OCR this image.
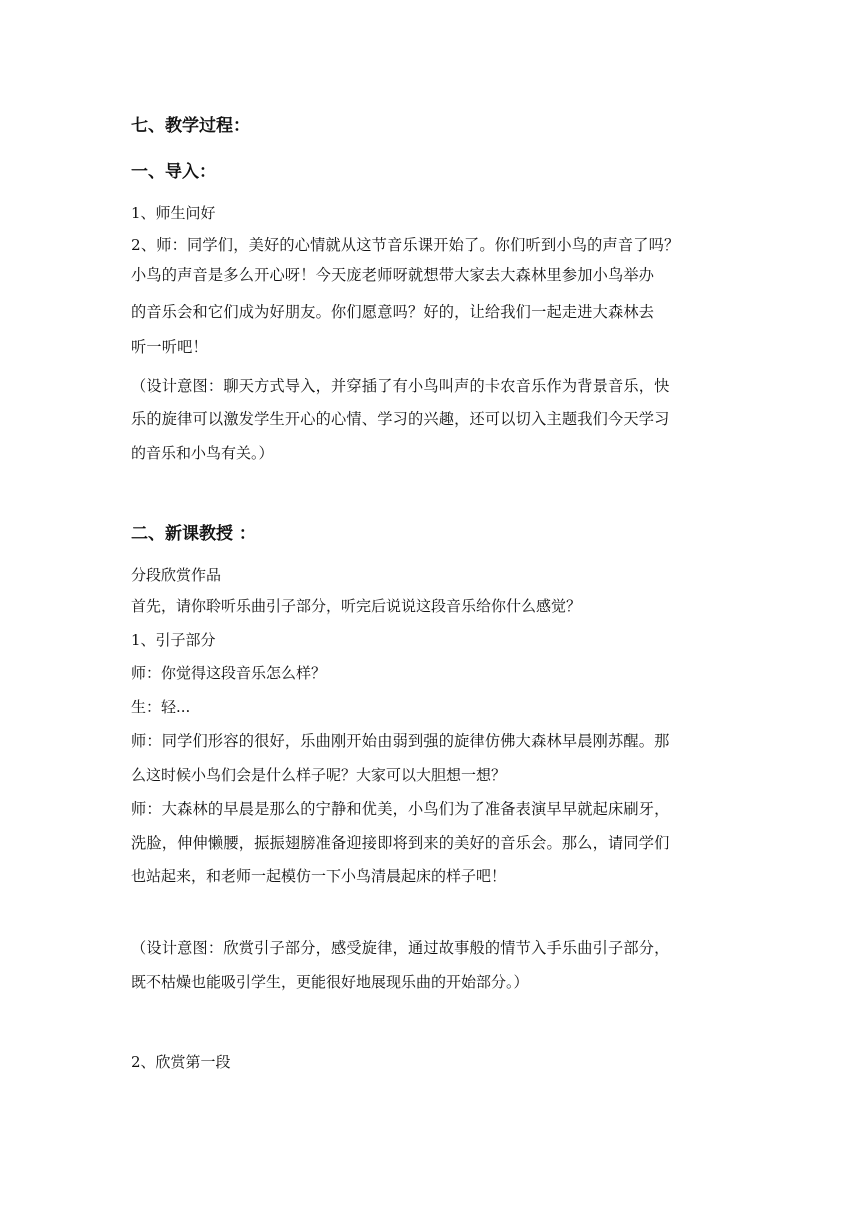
七、教学过程：
一、导入：
1、师生问好
2、师：同学们，美好的心情就从这节音乐课开始了。你们听到小鸟的声音了吗？
小鸟的声音是多么开心呀！今天庞老师呀就想带大家去大森林里参加小鸟举办
的音乐会和它们成为好朋友。你们愿意吗？好的，让给我们一起走进大森林去
听一听吧！
（设计意图：聊天方式导入，并穿插了有小鸟叫声的卡农音乐作为背景音乐，快
乐的旋律可以激发学生开心的心情、学习的兴趣，还可以切入主题我们今天学习
的音乐和小鸟有关。）
二、新课教授 ：
分段欣赏作品
首先，请你聆听乐曲引子部分，听完后说说这段音乐给你什么感觉？
1、引子部分
师：你觉得这段音乐怎么样？
生：轻...
师：同学们形容的很好，乐曲刚开始由弱到强的旋律仿佛大森林早晨刚苏醒。那
么这时候小鸟们会是什么样子呢？大家可以大胆想一想？
师：大森林的早晨是那么的宁静和优美，小鸟们为了准备表演早早就起床刷牙，
洗脸，伸伸懒腰，振振翅膀准备迎接即将到来的美好的音乐会。那么，请同学们
也站起来，和老师一起模仿一下小鸟清晨起床的样子吧！
（设计意图：欣赏引子部分，感受旋律，通过故事般的情节入手乐曲引子部分，
既不枯燥也能吸引学生，更能很好地展现乐曲的开始部分。）
2、欣赏第一段
